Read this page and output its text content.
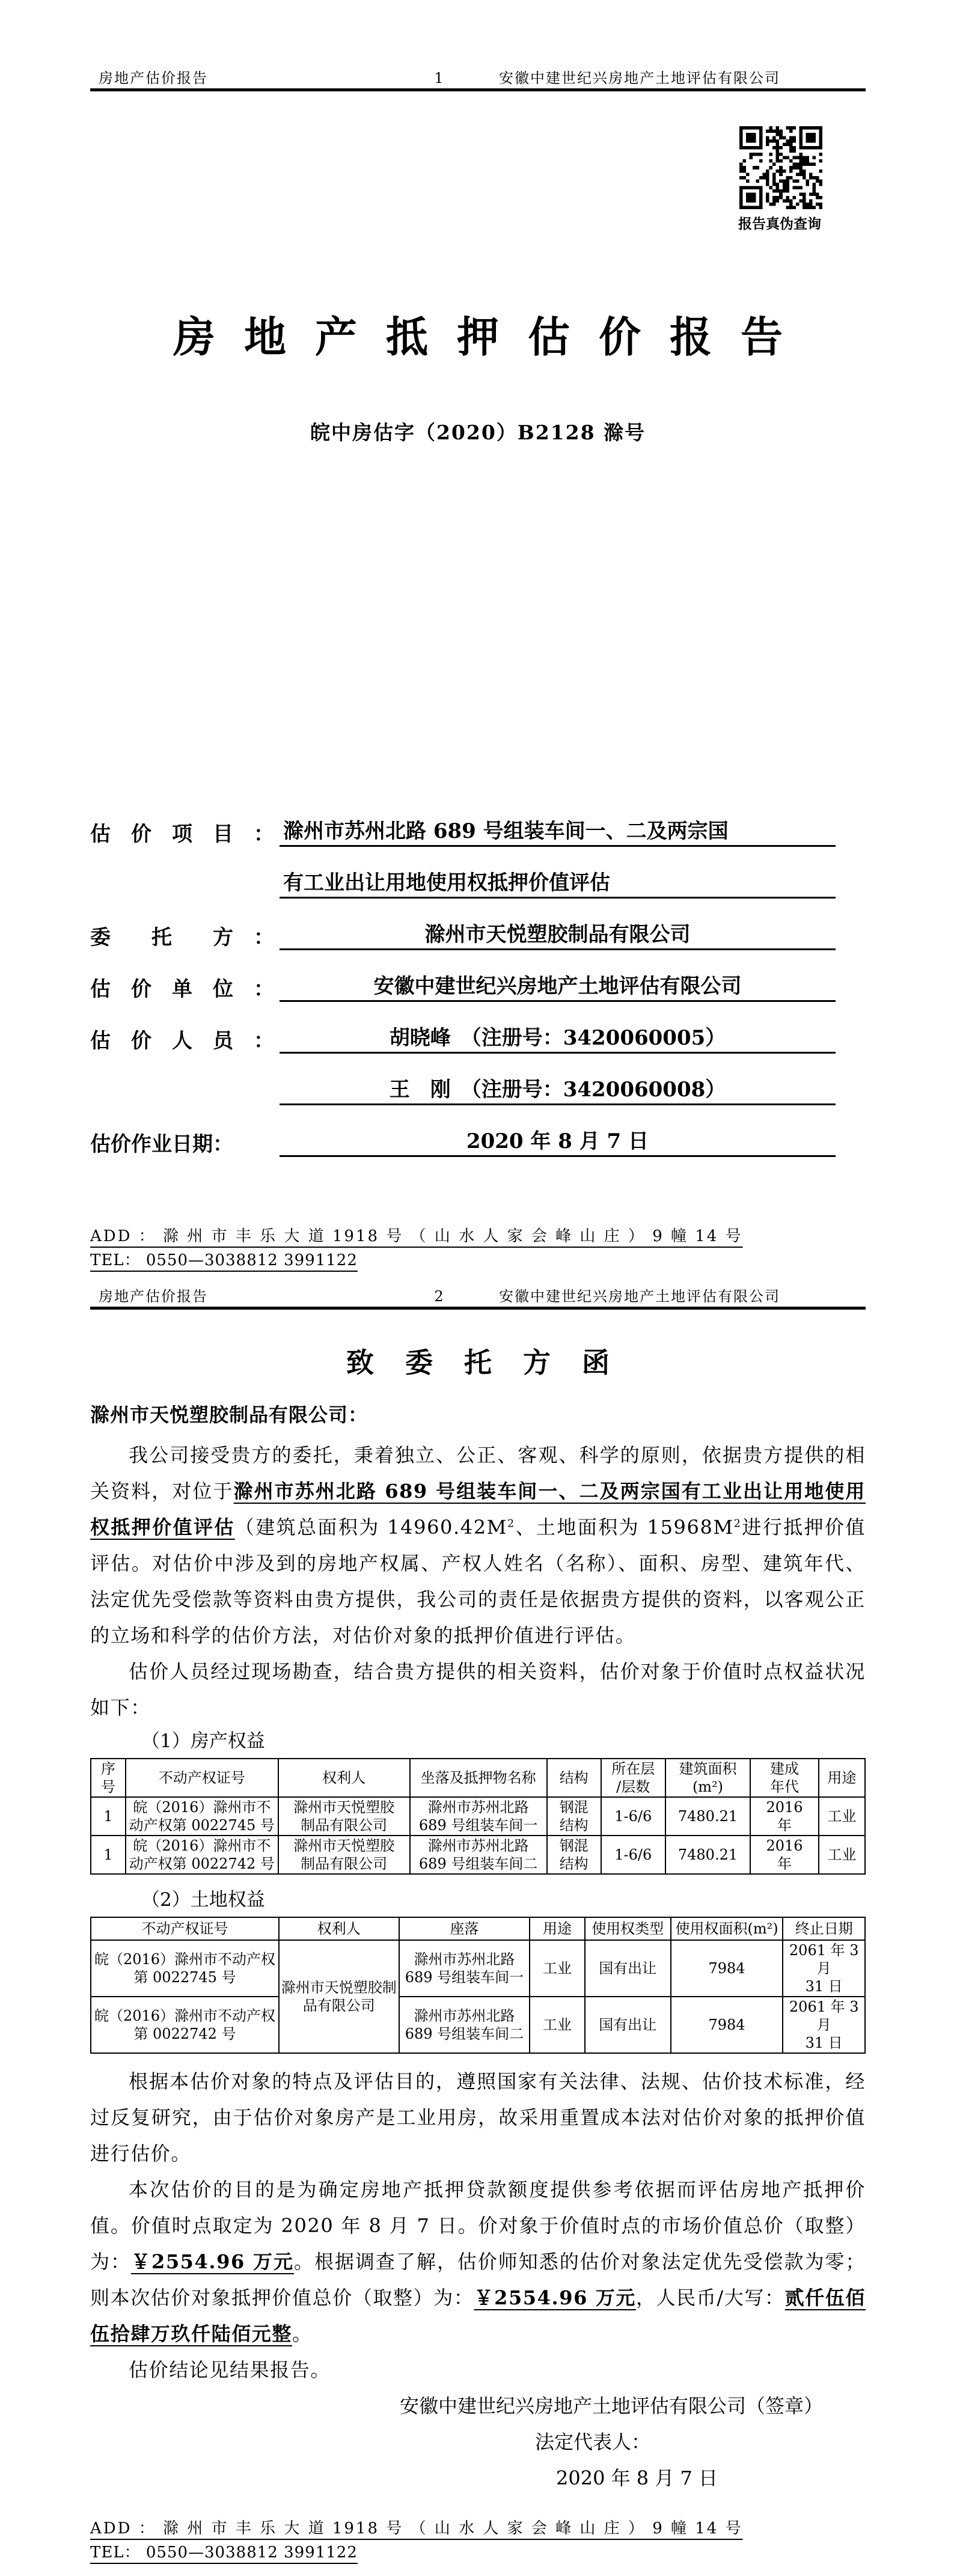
房地产估价报告	1	安徽中建世纪兴房地产土地评估有限公司
报告真伪查询
房地产抵押估价报告
皖中房估字（2020）B2128 滁号
估　价　项　目　： 滁州市苏州北路 689 号组装车间一、二及两宗国
有工业出让用地使用权抵押价值评估
委　　托　　方　：	滁州市天悦塑胶制品有限公司
估　价　单　位　：	安徽中建世纪兴房地产土地评估有限公司
估　价　人　员　：	胡晓峰　（注册号：3420060005）
王　刚　（注册号：3420060008）
估价作业日期：	2020 年 8 月 7 日
ADD ： 滁 州 市 丰 乐 大 道 1918 号 （ 山 水 人 家 会 峰 山 庄 ） 9 幢 14 号
TEL： 0550—3038812 3991122
房地产估价报告	2	安徽中建世纪兴房地产土地评估有限公司
致委托方函
滁州市天悦塑胶制品有限公司：

我公司接受贵方的委托，秉着独立、公正、客观、科学的原则，依据贵方提供的相关资料，对位于滁州市苏州北路 689 号组装车间一、二及两宗国有工业出让用地使用权抵押价值评估（建筑总面积为 $14960.42M^2$、土地面积为 $15968M^2$进行抵押价值评估。对估价中涉及到的房地产权属、产权人姓名（名称）、面积、房型、建筑年代、法定优先受偿款等资料由贵方提供，我公司的责任是依据贵方提供的资料，以客观公正的立场和科学的估价方法，对估价对象的抵押价值进行评估。

估价人员经过现场勘查，结合贵方提供的相关资料，估价对象于价值时点权益状况如下：

（1）房产权益
序
号	不动产权证号	权利人	坐落及抵押物名称	结构	所在层
/层数	建筑面积
(m²)	建成
年代	用途
1	皖（2016）滁州市不
动产权第 0022745 号	滁州市天悦塑胶
制品有限公司	滁州市苏州北路
689 号组装车间一	钢混
结构	1-6/6	7480.21	2016
年	工业
1	皖（2016）滁州市不
动产权第 0022742 号	滁州市天悦塑胶
制品有限公司	滁州市苏州北路
689 号组装车间二	钢混
结构	1-6/6	7480.21	2016
年	工业
（2）土地权益
不动产权证号	权利人	座落	用途	使用权类型	使用权面积(m²)	终止日期
皖（2016）滁州市不动产权
第 0022745 号	滁州市天悦塑胶制
品有限公司	滁州市苏州北路
689 号组装车间一	工业	国有出让	7984	2061 年 3 月
31 日
皖（2016）滁州市不动产权
第 0022742 号		滁州市苏州北路
689 号组装车间二	工业	国有出让	7984	2061 年 3 月
31 日

根据本估价对象的特点及评估目的，遵照国家有关法律、法规、估价技术标准，经过反复研究，由于估价对象房产是工业用房，故采用重置成本法对估价对象的抵押价值进行估价。

本次估价的目的是为确定房地产抵押贷款额度提供参考依据而评估房地产抵押价值。价值时点取定为 2020 年 8 月 7 日。价对象于价值时点的市场价值总价（取整）为：￥2554.96 万元。根据调查了解，估价师知悉的估价对象法定优先受偿款为零；则本次估价对象抵押价值总价（取整）为：￥2554.96 万元，人民币/大写：贰仟伍佰伍拾肆万玖仟陆佰元整。

估价结论见结果报告。

安徽中建世纪兴房地产土地评估有限公司（签章）
法定代表人：
2020 年 8 月 7 日
ADD ： 滁 州 市 丰 乐 大 道 1918 号 （ 山 水 人 家 会 峰 山 庄 ） 9 幢 14 号
TEL： 0550—3038812 3991122
